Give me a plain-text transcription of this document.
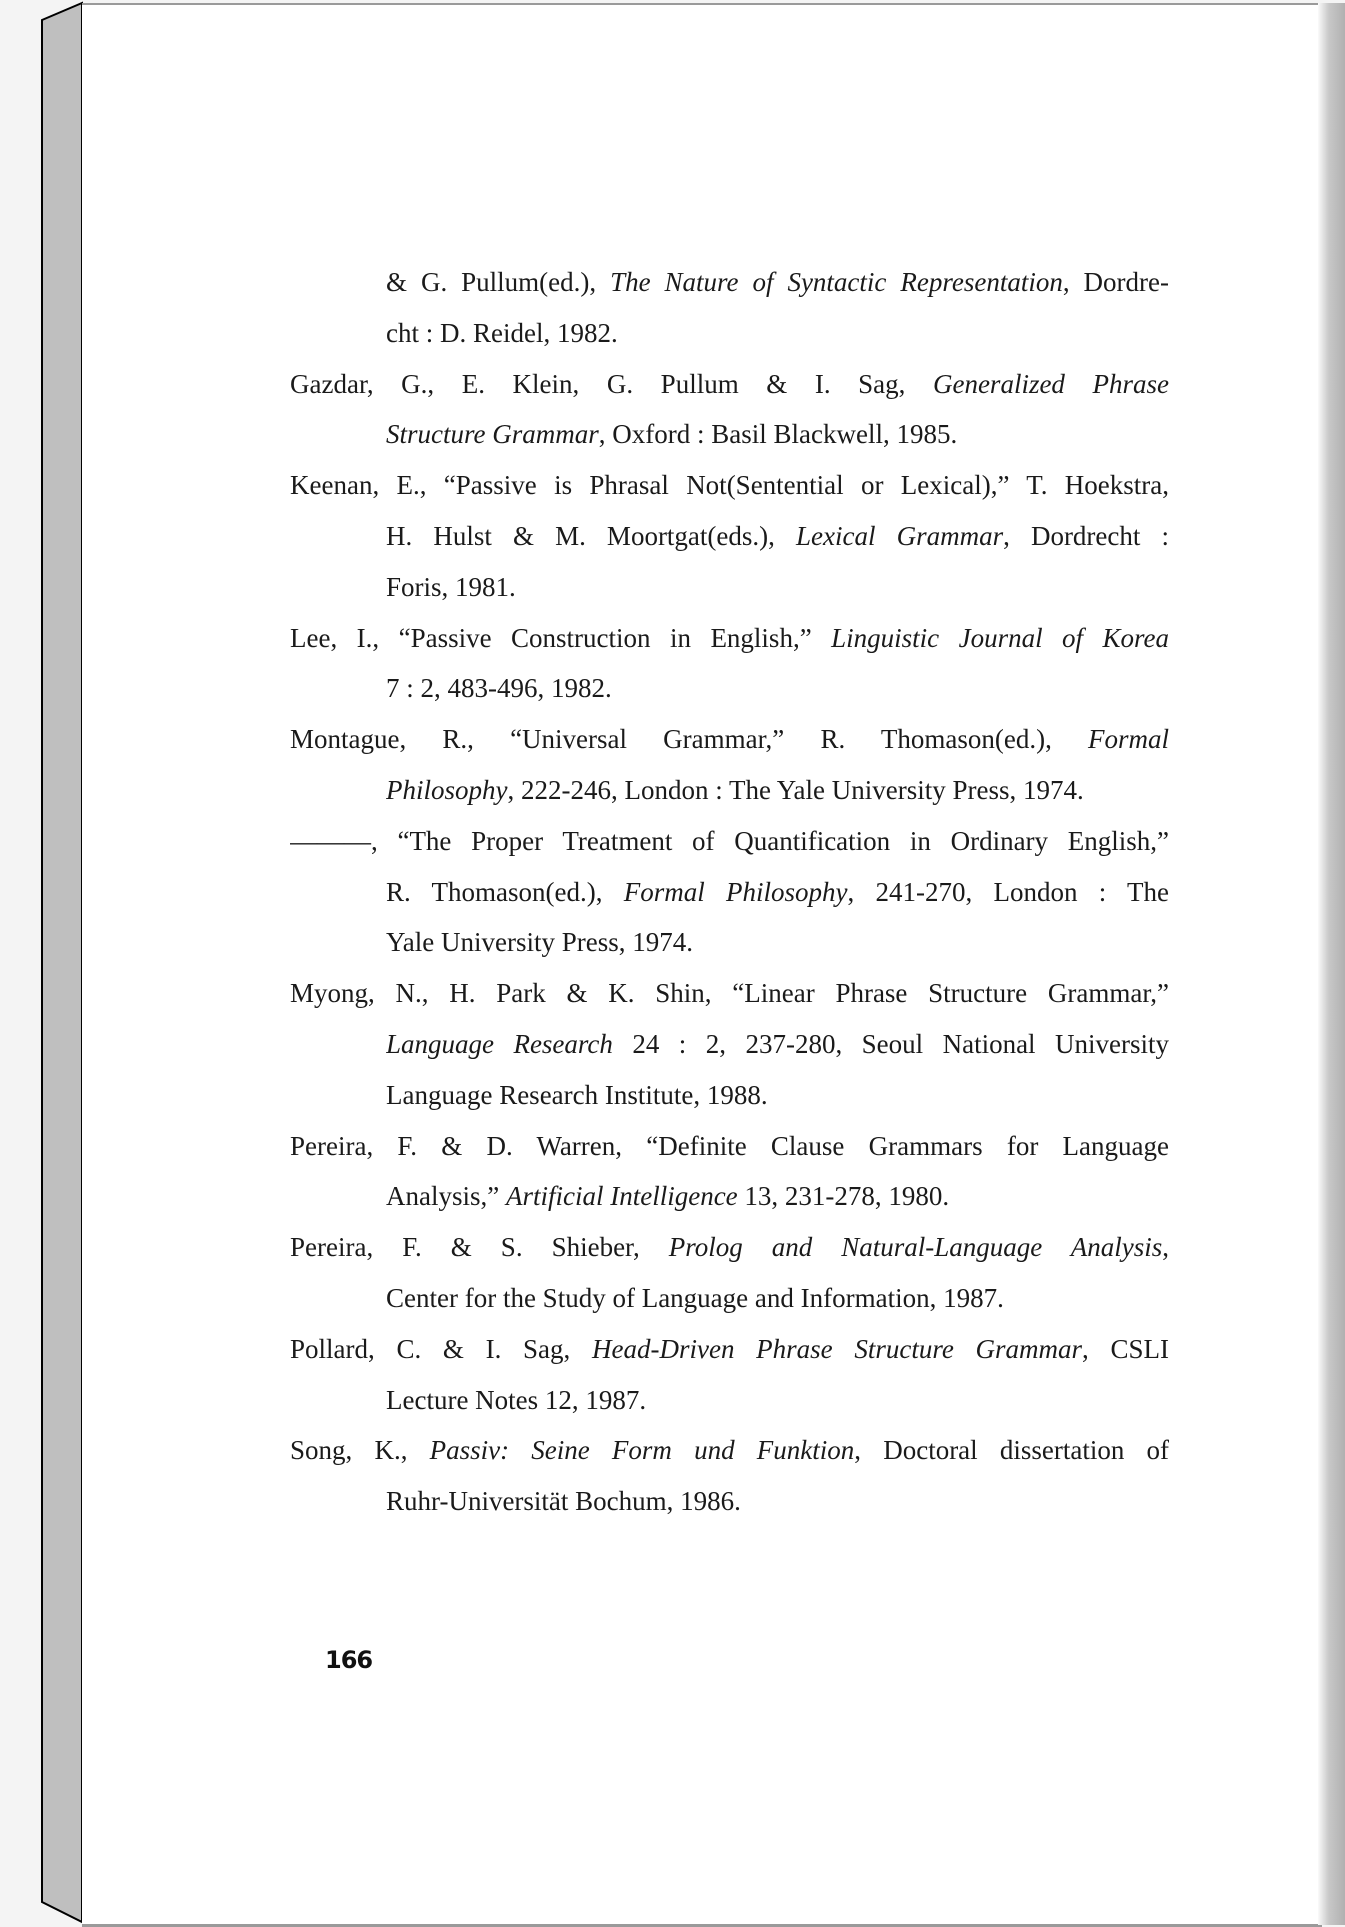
& G. Pullum(ed.), The Nature of Syntactic Representation, Dordre-
cht : D. Reidel, 1982.
Gazdar, G., E. Klein, G. Pullum & I. Sag, Generalized Phrase
Structure Grammar, Oxford : Basil Blackwell, 1985.
Keenan, E., “Passive is Phrasal Not(Sentential or Lexical),” T. Hoekstra,
H. Hulst & M. Moortgat(eds.), Lexical Grammar, Dordrecht :
Foris, 1981.
Lee, I., “Passive Construction in English,” Linguistic Journal of Korea
7 : 2, 483-496, 1982.
Montague, R., “Universal Grammar,” R. Thomason(ed.), Formal
Philosophy, 222-246, London : The Yale University Press, 1974.
———, “The Proper Treatment of Quantification in Ordinary English,”
R. Thomason(ed.), Formal Philosophy, 241-270, London : The
Yale University Press, 1974.
Myong, N., H. Park & K. Shin, “Linear Phrase Structure Grammar,”
Language Research 24 : 2, 237-280, Seoul National University
Language Research Institute, 1988.
Pereira, F. & D. Warren, “Definite Clause Grammars for Language
Analysis,” Artificial Intelligence 13, 231-278, 1980.
Pereira, F. & S. Shieber, Prolog and Natural-Language Analysis,
Center for the Study of Language and Information, 1987.
Pollard, C. & I. Sag, Head-Driven Phrase Structure Grammar, CSLI
Lecture Notes 12, 1987.
Song, K., Passiv: Seine Form und Funktion, Doctoral dissertation of
Ruhr-Universität Bochum, 1986.
166
